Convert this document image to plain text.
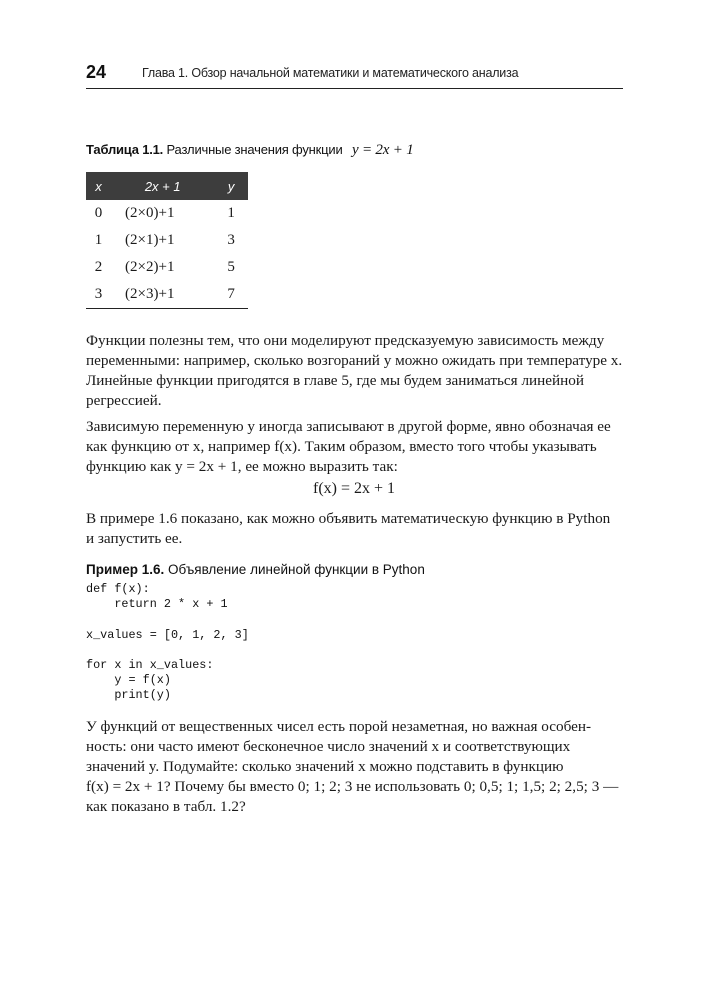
24	Глава 1. Обзор начальной математики и математического анализа
Таблица 1.1. Различные значения функции y = 2x + 1
x	2x + 1	y
0	(2×0)+1	1
1	(2×1)+1	3
2	(2×2)+1	5
3	(2×3)+1	7
Функции полезны тем, что они моделируют предсказуемую зависимость между
переменными: например, сколько возгораний y можно ожидать при температуре x.
Линейные функции пригодятся в главе 5, где мы будем заниматься линейной
регрессией.
Зависимую переменную y иногда записывают в другой форме, явно обозначая ее
как функцию от x, например f(x). Таким образом, вместо того чтобы указывать
функцию как y = 2x + 1, ее можно выразить так:
f(x) = 2x + 1
В примере 1.6 показано, как можно объявить математическую функцию в Python
и запустить ее.
Пример 1.6. Объявление линейной функции в Python
def f(x):
return 2 * x + 1

x_values = [0, 1, 2, 3]

for x in x_values:
y = f(x)
print(y)
У функций от вещественных чисел есть порой незаметная, но важная особен-
ность: они часто имеют бесконечное число значений x и соответствующих
значений y. Подумайте: сколько значений x можно подставить в функцию
f(x) = 2x + 1? Почему бы вместо 0; 1; 2; 3 не использовать 0; 0,5; 1; 1,5; 2; 2,5; 3 —
как показано в табл. 1.2?
